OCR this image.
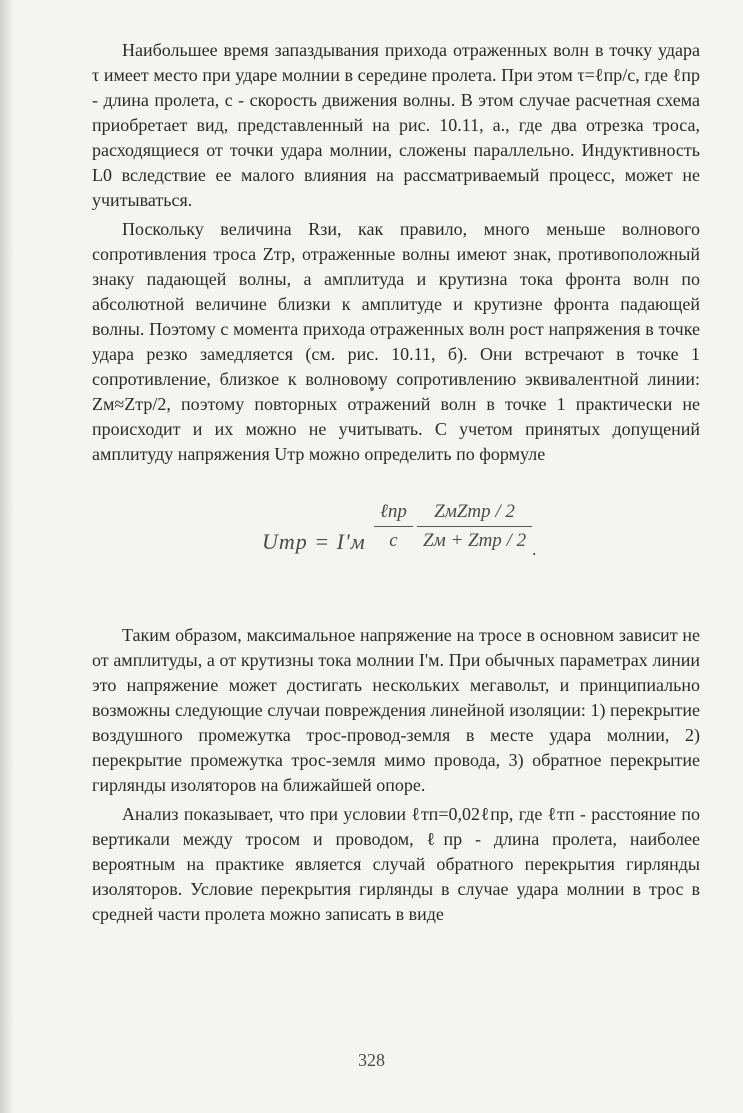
Наибольшее время запаздывания прихода отраженных волн в точку удара τ имеет место при ударе молнии в середине пролета. При этом τ=ℓпр/с, где ℓпр - длина пролета, с - скорость движения волны. В этом случае расчетная схема приобретает вид, представленный на рис. 10.11, а., где два отрезка троса, расходящиеся от точки удара молнии, сложены параллельно. Индуктивность L0 вследствие ее малого влияния на рассматриваемый процесс, может не учитываться.

Поскольку величина Rзи, как правило, много меньше волнового сопротивления троса Zтр, отраженные волны имеют знак, противоположный знаку падающей волны, а амплитуда и крутизна тока фронта волн по абсолютной величине близки к амплитуде и крутизне фронта падающей волны. Поэтому с момента прихода отраженных волн рост напряжения в точке удара резко замедляется (см. рис. 10.11, б). Они встречают в точке 1 сопротивление, близкое к волновому сопротивлению эквивалентной линии: Zм≈Zтр/2, поэтому повторных отражений волн в точке 1 практически не происходит и их можно не учитывать. С учетом принятых допущений амплитуду напряжения Uтр можно определить по формуле

Uтр = I'м
ℓпр
с
ZмZтр / 2
Zм + Zтр / 2 .

Таким образом, максимальное напряжение на тросе в основном зависит не от амплитуды, а от крутизны тока молнии I'м. При обычных параметрах линии это напряжение может достигать нескольких мегавольт, и принципиально возможны следующие случаи повреждения линейной изоляции: 1) перекрытие воздушного промежутка трос-провод-земля в месте удара молнии, 2) перекрытие промежутка трос-земля мимо провода, 3) обратное перекрытие гирлянды изоляторов на ближайшей опоре.

Анализ показывает, что при условии ℓтп=0,02ℓпр, где ℓтп - расстояние по вертикали между тросом и проводом, ℓпр - длина пролета, наиболее вероятным на практике является случай обратного перекрытия гирлянды изоляторов. Условие перекрытия гирлянды в случае удара молнии в трос в средней части пролета можно записать в виде

328
